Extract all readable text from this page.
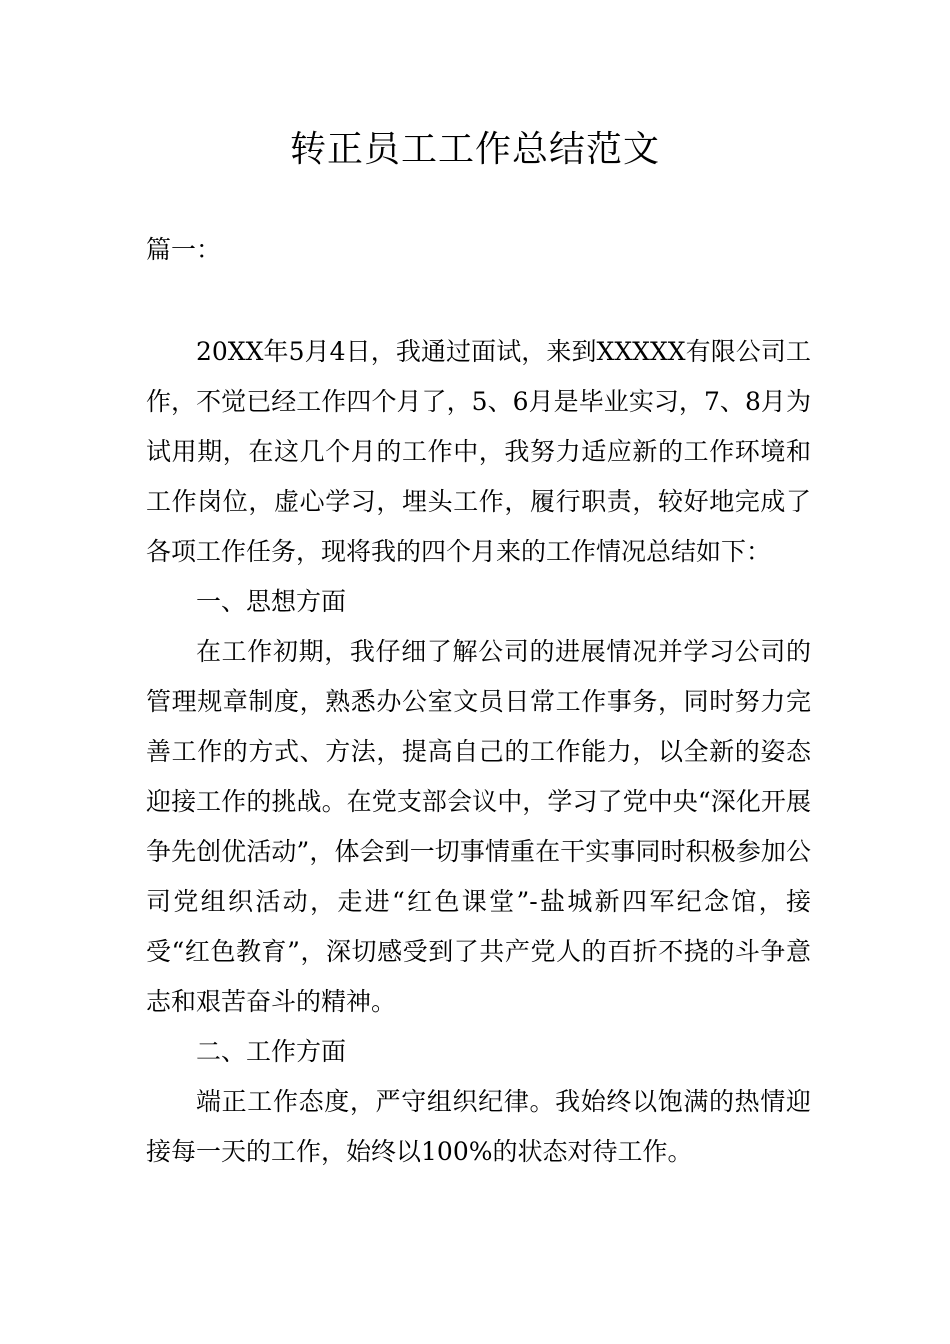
转正员工工作总结范文
篇一：

20XX年5月4日，我通过面试，来到XXXXX有限公司工作，不觉已经工作四个月了，5、6月是毕业实习，7、8月为试用期，在这几个月的工作中，我努力适应新的工作环境和工作岗位，虚心学习，埋头工作，履行职责，较好地完成了各项工作任务，现将我的四个月来的工作情况总结如下：

一、思想方面

在工作初期，我仔细了解公司的进展情况并学习公司的管理规章制度，熟悉办公室文员日常工作事务，同时努力完善工作的方式、方法，提高自己的工作能力，以全新的姿态迎接工作的挑战。在党支部会议中，学习了党中央“深化开展争先创优活动”，体会到一切事情重在干实事同时积极参加公司党组织活动，走进“红色课堂”-盐城新四军纪念馆，接受“红色教育”，深切感受到了共产党人的百折不挠的斗争意志和艰苦奋斗的精神。

二、工作方面

端正工作态度，严守组织纪律。我始终以饱满的热情迎接每一天的工作，始终以100%的状态对待工作。
